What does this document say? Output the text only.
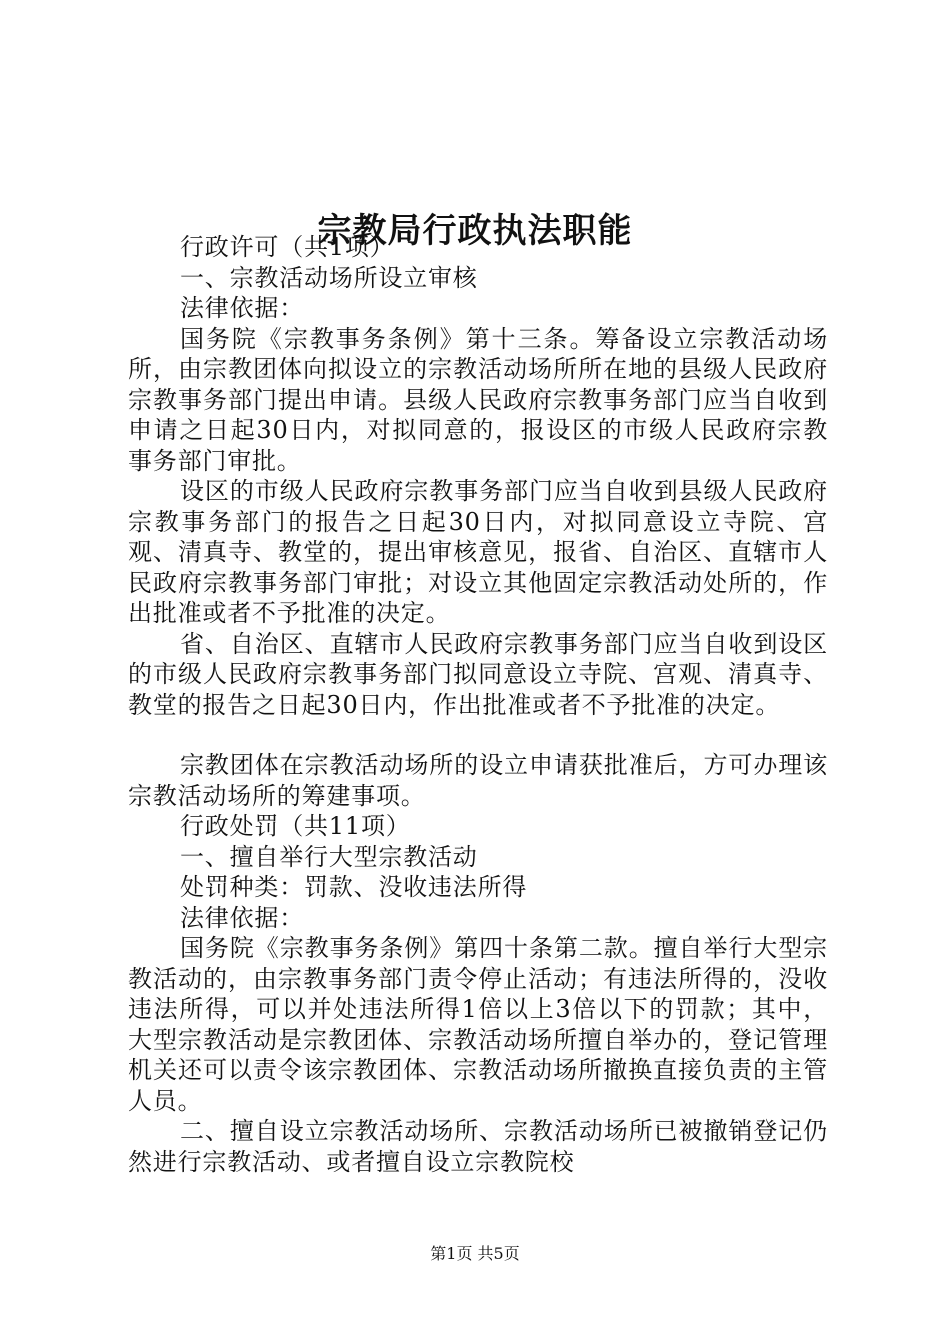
宗教局行政执法职能

行政许可（共1项）

一、宗教活动场所设立审核

法律依据：

国务院《宗教事务条例》第十三条。筹备设立宗教活动场所，由宗教团体向拟设立的宗教活动场所所在地的县级人民政府宗教事务部门提出申请。县级人民政府宗教事务部门应当自收到申请之日起30日内，对拟同意的，报设区的市级人民政府宗教事务部门审批。

设区的市级人民政府宗教事务部门应当自收到县级人民政府宗教事务部门的报告之日起30日内，对拟同意设立寺院、宫观、清真寺、教堂的，提出审核意见，报省、自治区、直辖市人民政府宗教事务部门审批；对设立其他固定宗教活动处所的，作出批准或者不予批准的决定。

省、自治区、直辖市人民政府宗教事务部门应当自收到设区的市级人民政府宗教事务部门拟同意设立寺院、宫观、清真寺、教堂的报告之日起30日内，作出批准或者不予批准的决定。

宗教团体在宗教活动场所的设立申请获批准后，方可办理该宗教活动场所的筹建事项。

行政处罚（共11项）

一、擅自举行大型宗教活动

处罚种类：罚款、没收违法所得

法律依据：

国务院《宗教事务条例》第四十条第二款。擅自举行大型宗教活动的，由宗教事务部门责令停止活动；有违法所得的，没收违法所得，可以并处违法所得1倍以上3倍以下的罚款；其中，大型宗教活动是宗教团体、宗教活动场所擅自举办的，登记管理机关还可以责令该宗教团体、宗教活动场所撤换直接负责的主管人员。

二、擅自设立宗教活动场所、宗教活动场所已被撤销登记仍然进行宗教活动、或者擅自设立宗教院校

第1页 共5页
